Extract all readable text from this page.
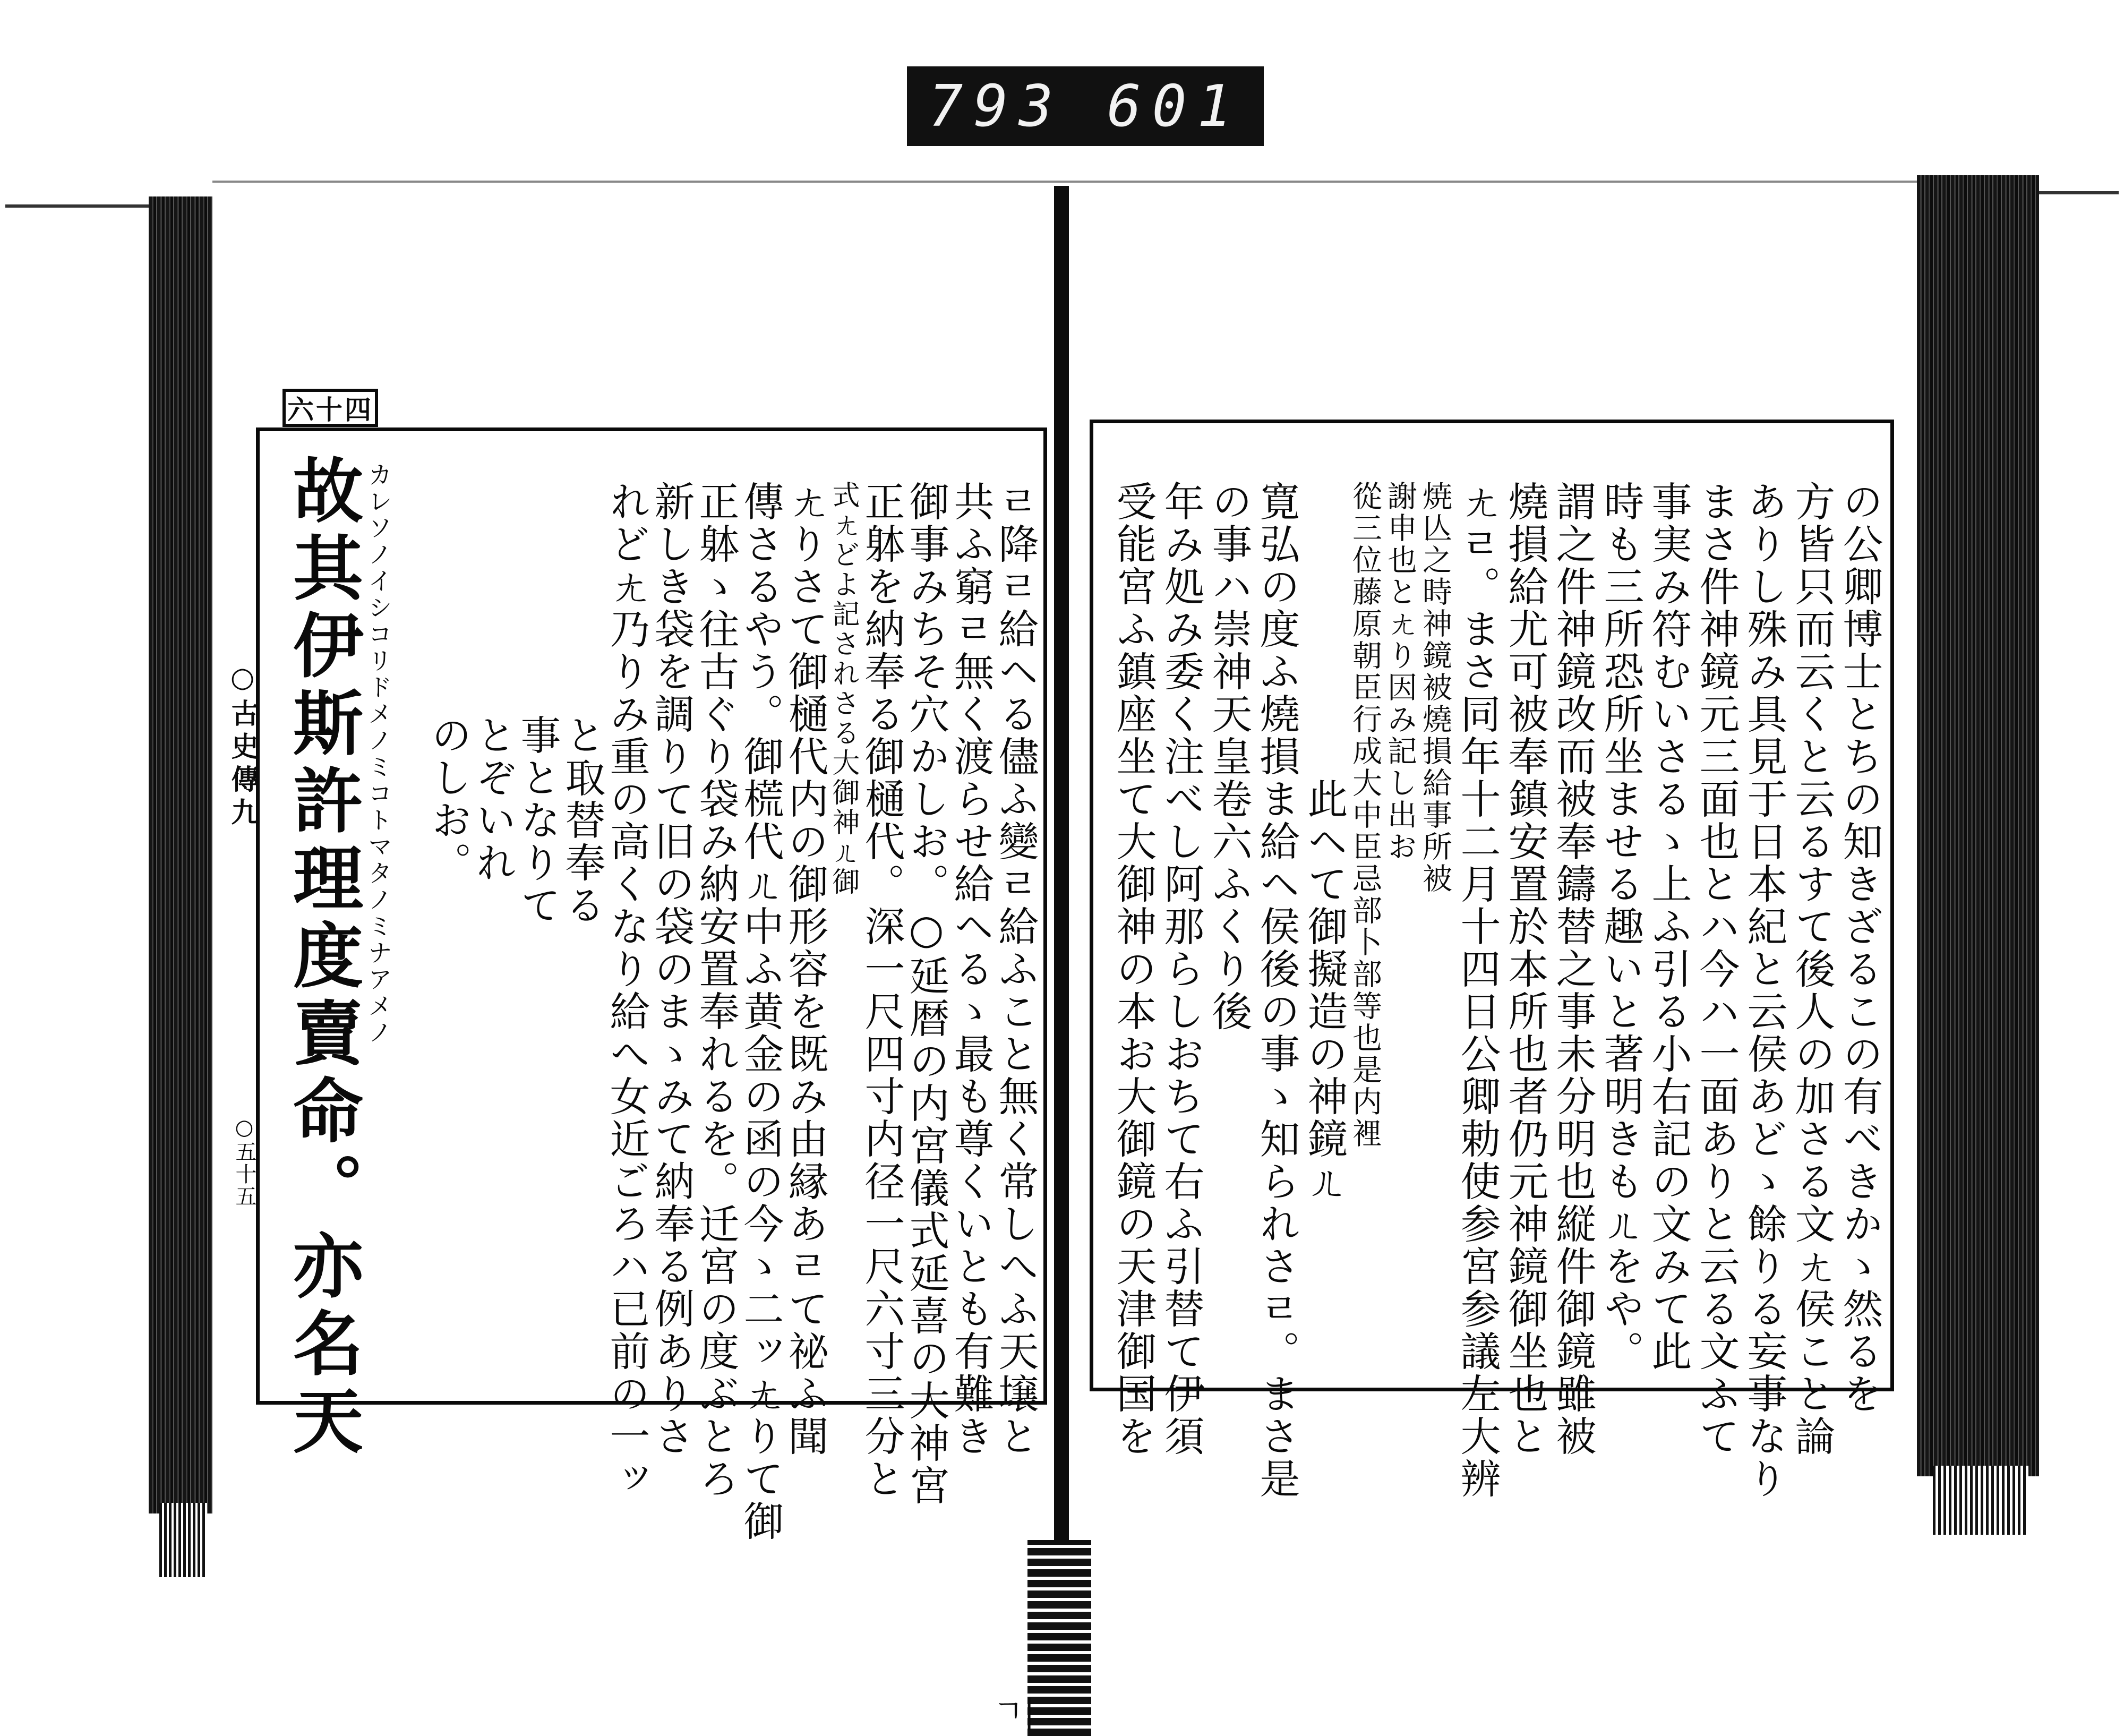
793 601
六十四
○古史傳九
○五十五 故其伊斯許理度賣命。亦名天 カレソノイシコリドメノミコトマタノミナアメノ	ㄹ降ㄹ給ヘる儘ふ變ㄹ給ふこと無く常しへふ天壌と
共ふ窮ㄹ無く渡らせ給ヘるゝ最も尊くいとも有難き
御事みちそ穴かしお。○延暦の内宮儀式延喜の大神宮
正躰を納奉る御樋代。深一尺四寸内径一尺六寸三分と
式ㄤどよ記されさる大御神ㄦ御
ㄤりさて御樋代内の御形容を既み由縁あㄹて祕ふ聞
傳さるやう。御𣗄代ㄦ中ふ黄金の函の今ゝ二ッㄤりて御
正躰ゝ往古ぐり袋み納安置奉れるを。迁宮の度ぶとろ
新しき袋を調りて旧の袋のまゝみて納奉る例ありさ
れどㄤ乃りみ重の高くなり給へ女近ごろハ已前の一ッ
と取替奉る
事となりて
とぞいれ
のしお。	の公卿博士とちの知きざるこの有べきかゝ然るを
方皆只而云くと云るすて後人の加さる文ㄤ侯こと論
ありし殊み具見于日本紀と云侯あどゝ餘りる妄事なり
まさ件神鏡元三面也とハ今ハ一面ありと云る文ふて
事実み符むいさるゝ上ふ引る小右記の文みて此
時も三所恐所坐ませる趣いと著明きもㄦをや。
謂之件神鏡改而被奉鑄替之事未分明也縦件御鏡雖被
燒損給尤可被奉鎮安置於本所也者仍元神鏡御坐也と
ㄤㄹ。まさ同年十二月十四日公卿勅使参宮参議左大辨
焼亾之時神鏡被燒損給事所被
謝申也とㄤり因み記し出お
從三位藤原朝臣行成大中臣忌部卜部等也是内裡
此ヘて御擬造の神鏡ㄦ
寛弘の度ふ燒損ま給ヘ侯後の事ゝ知られさㄹ。まさ是
の事ハ崇神天皇卷六ふくり後
年み処み委く注べし阿那らしおちて右ふ引替て伊須
受能宮ふ鎮座坐て大御神の本お大御鏡の天津御国を
ㄱ|
